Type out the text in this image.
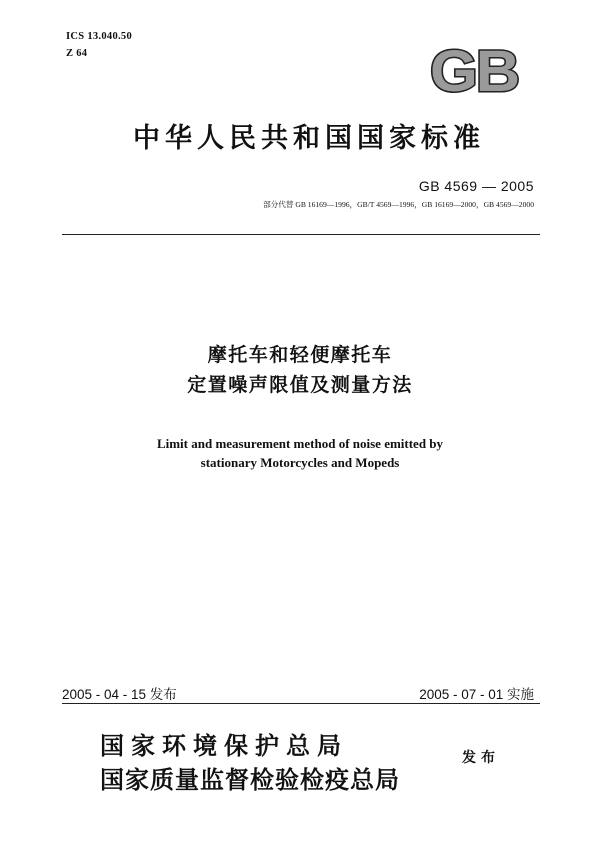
ICS 13.040.50
Z 64	GB
中华人民共和国国家标准
GB 4569 — 2005
部分代替 GB 16169—1996，GB/T 4569—1996，GB 16169—2000，GB 4569—2000
摩托车和轻便摩托车
定置噪声限值及测量方法
Limit and measurement method of noise emitted by
stationary Motorcycles and Mopeds
2005 - 04 - 15 发布	2005 - 07 - 01 实施
国家环境保护总局
国家质量监督检验检疫总局
发布
